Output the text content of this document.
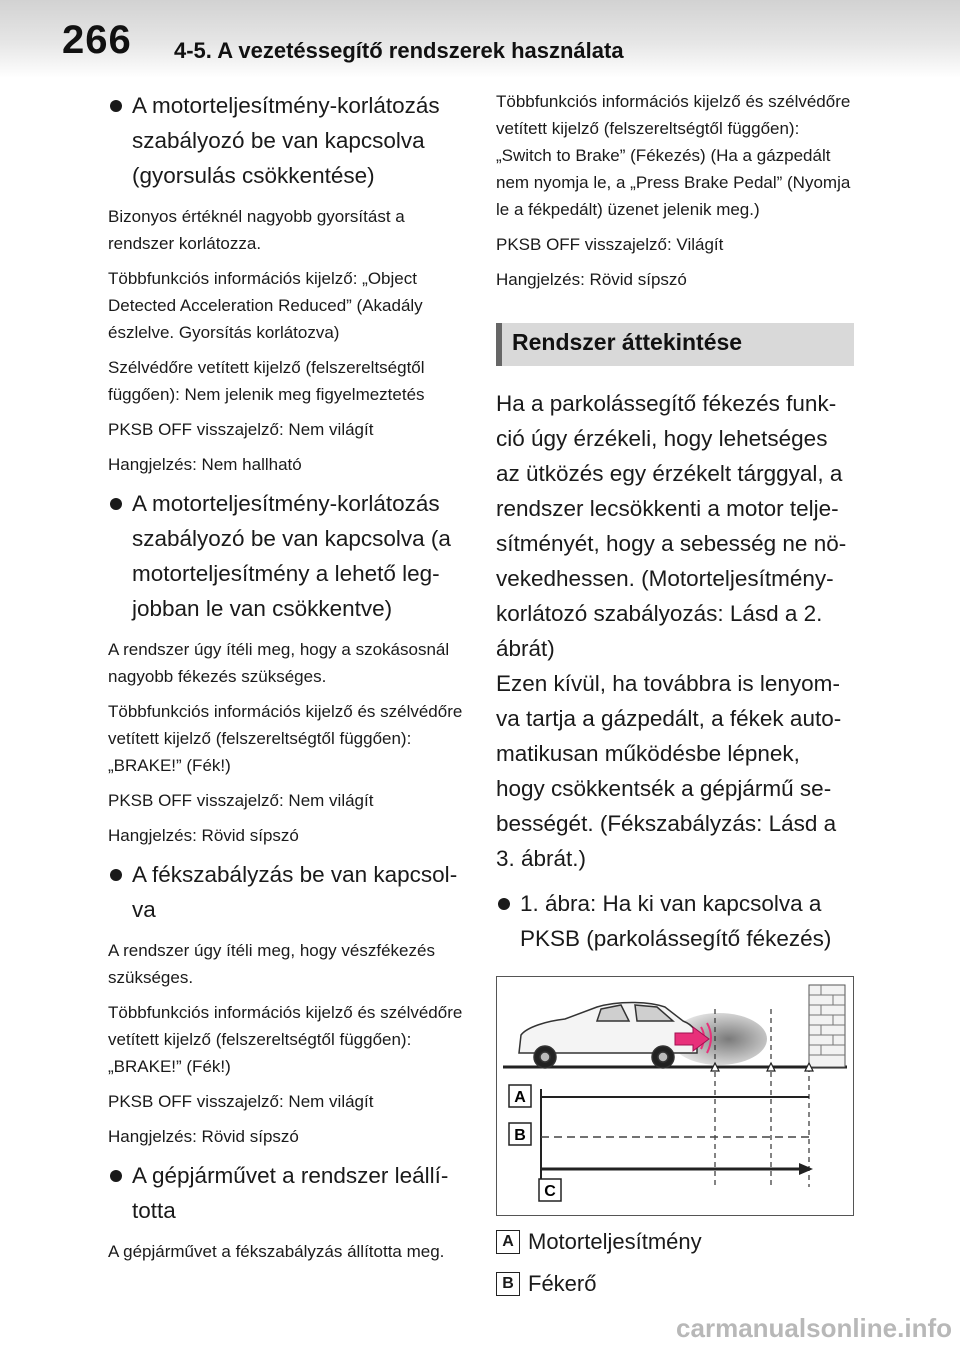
266 4-5. A vezetéssegítő rendszerek használata
A motorteljesítmény-korlátozás szabályozó be van kapcsolva (gyorsulás csökkentése)

Bizonyos értéknél nagyobb gyorsítást a rendszer korlátozza.

Többfunkciós információs kijelző: „Object Detected Acceleration Reduced” (Akadály észlelve. Gyorsítás korlátozva)

Szélvédőre vetített kijelző (felszereltségtől függően): Nem jelenik meg figyelmeztetés

PKSB OFF visszajelző: Nem világít

Hangjelzés: Nem hallható

A motorteljesítmény-korlátozás szabályozó be van kapcsolva (a motorteljesítmény a lehető legjobban le van csökkentve)

A rendszer úgy ítéli meg, hogy a szokásosnál nagyobb fékezés szükséges.

Többfunkciós információs kijelző és szélvédőre vetített kijelző (felszereltségtől függően): „BRAKE!” (Fék!)

PKSB OFF visszajelző: Nem világít

Hangjelzés: Rövid sípszó

A fékszabályzás be van kapcsolva

A rendszer úgy ítéli meg, hogy vészfékezés szükséges.

Többfunkciós információs kijelző és szélvédőre vetített kijelző (felszereltségtől függően): „BRAKE!” (Fék!)

PKSB OFF visszajelző: Nem világít

Hangjelzés: Rövid sípszó

A gépjárművet a rendszer leállította

A gépjárművet a fékszabályzás állította meg.

Többfunkciós információs kijelző és szélvédőre vetített kijelző (felszereltségtől függően): „Switch to Brake” (Fékezés) (Ha a gázpedált nem nyomja le, a „Press Brake Pedal” (Nyomja le a fékpedált) üzenet jelenik meg.)

PKSB OFF visszajelző: Világít

Hangjelzés: Rövid sípszó

Rendszer áttekintése

Ha a parkolássegítő fékezés funkció úgy érzékeli, hogy lehetséges az ütközés egy érzékelt tárggyal, a rendszer lecsökkenti a motor teljesítményét, hogy a sebesség ne növekedhessen. (Motorteljesítmény-korlátozó szabályozás: Lásd a 2. ábrát)

Ezen kívül, ha továbbra is lenyomva tartja a gázpedált, a fékek automatikusan működésbe lépnek, hogy csökkentsék a gépjármű sebességét. (Fékszabályzás: Lásd a 3. ábrát.)

1. ábra: Ha ki van kapcsolva a PKSB (parkolássegítő fékezés)
A
B
C
A Motorteljesítmény
B Fékerő
carmanualsonline.info
